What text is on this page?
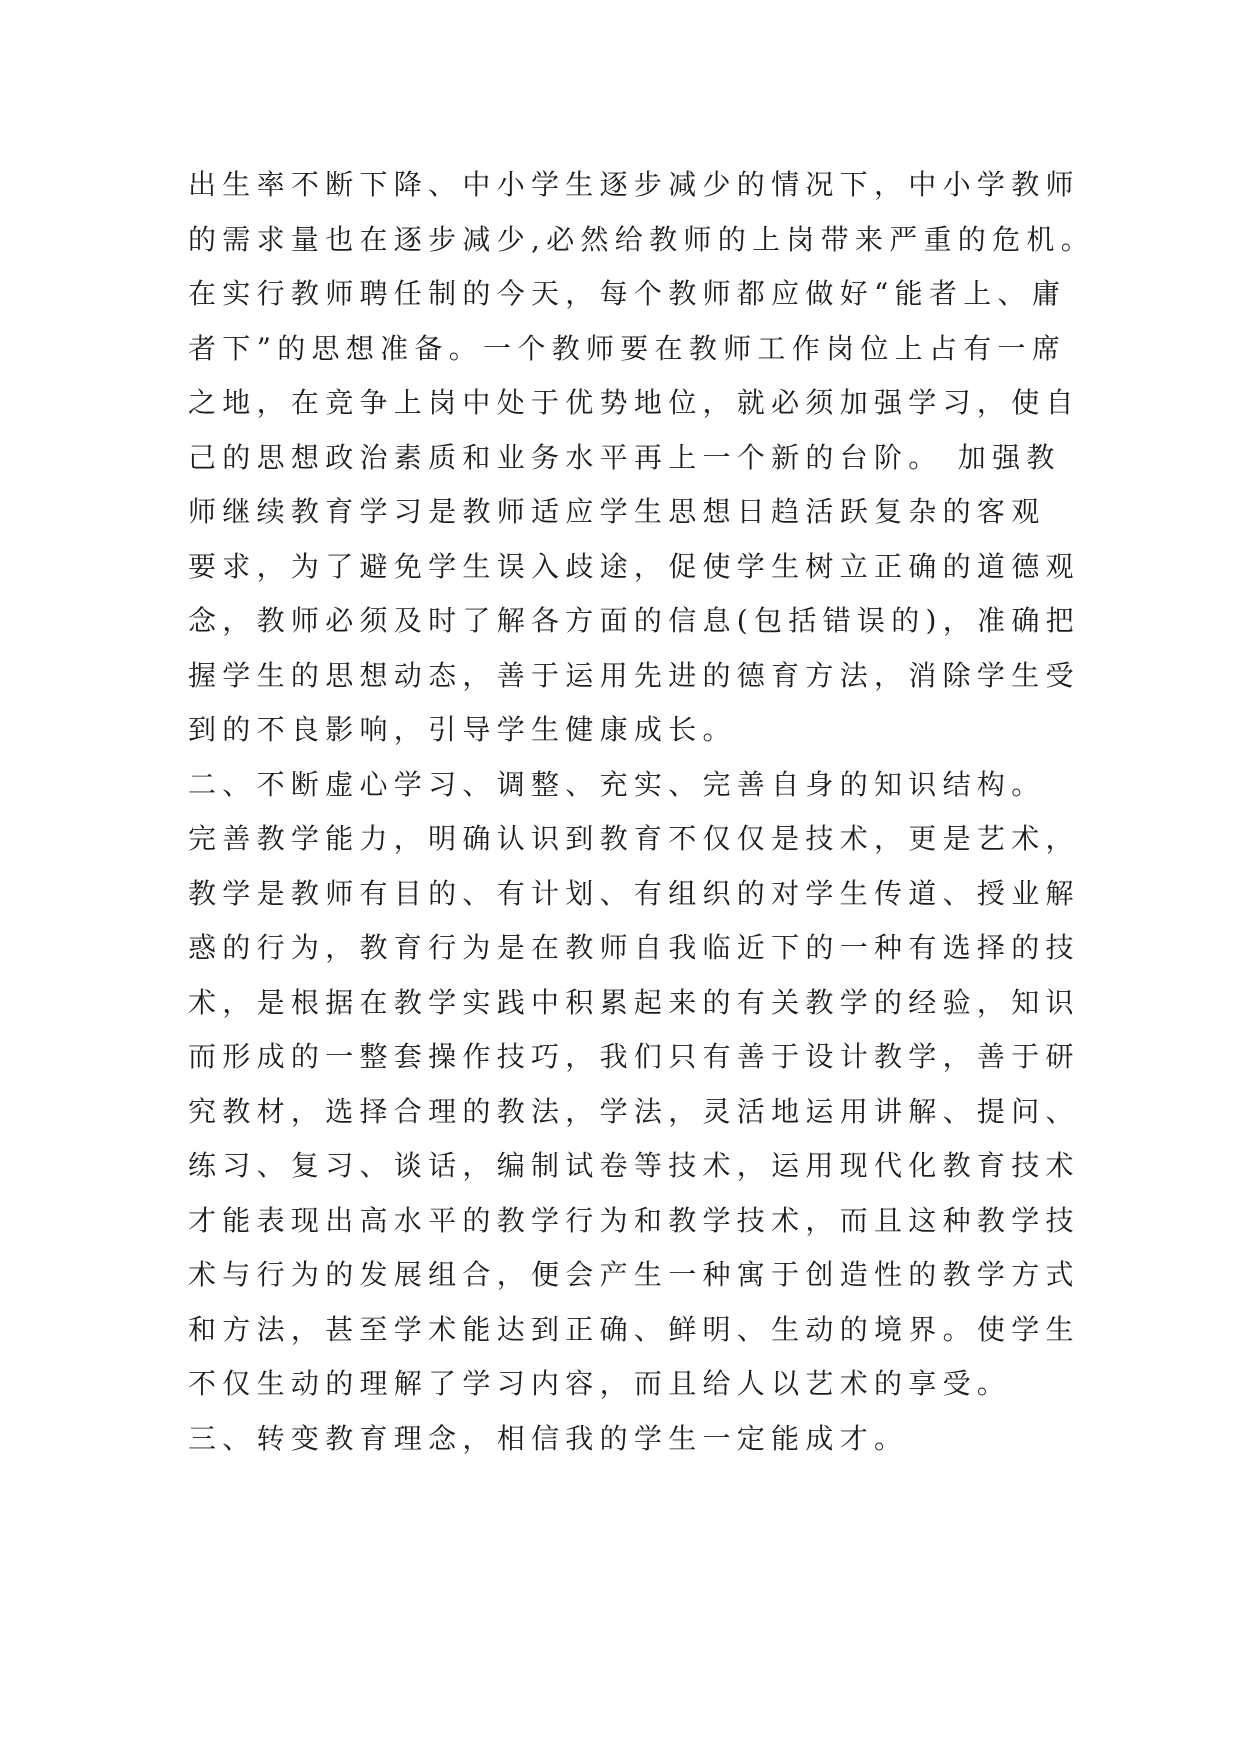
出生率不断下降、中小学生逐步减少的情况下，中小学教师
的需求量也在逐步减少,必然给教师的上岗带来严重的危机。
在实行教师聘任制的今天，每个教师都应做好“能者上、庸
者下”的思想准备。一个教师要在教师工作岗位上占有一席
之地，在竞争上岗中处于优势地位，就必须加强学习，使自
己的思想政治素质和业务水平再上一个新的台阶。 加强教
师继续教育学习是教师适应学生思想日趋活跃复杂的客观
要求，为了避免学生误入歧途，促使学生树立正确的道德观
念，教师必须及时了解各方面的信息(包括错误的)，准确把
握学生的思想动态，善于运用先进的德育方法，消除学生受
到的不良影响，引导学生健康成长。
二、不断虚心学习、调整、充实、完善自身的知识结构。
完善教学能力，明确认识到教育不仅仅是技术，更是艺术，
教学是教师有目的、有计划、有组织的对学生传道、授业解
惑的行为，教育行为是在教师自我临近下的一种有选择的技
术，是根据在教学实践中积累起来的有关教学的经验，知识
而形成的一整套操作技巧，我们只有善于设计教学，善于研
究教材，选择合理的教法，学法，灵活地运用讲解、提问、
练习、复习、谈话，编制试卷等技术，运用现代化教育技术
才能表现出高水平的教学行为和教学技术，而且这种教学技
术与行为的发展组合，便会产生一种寓于创造性的教学方式
和方法，甚至学术能达到正确、鲜明、生动的境界。使学生
不仅生动的理解了学习内容，而且给人以艺术的享受。
三、转变教育理念，相信我的学生一定能成才。
